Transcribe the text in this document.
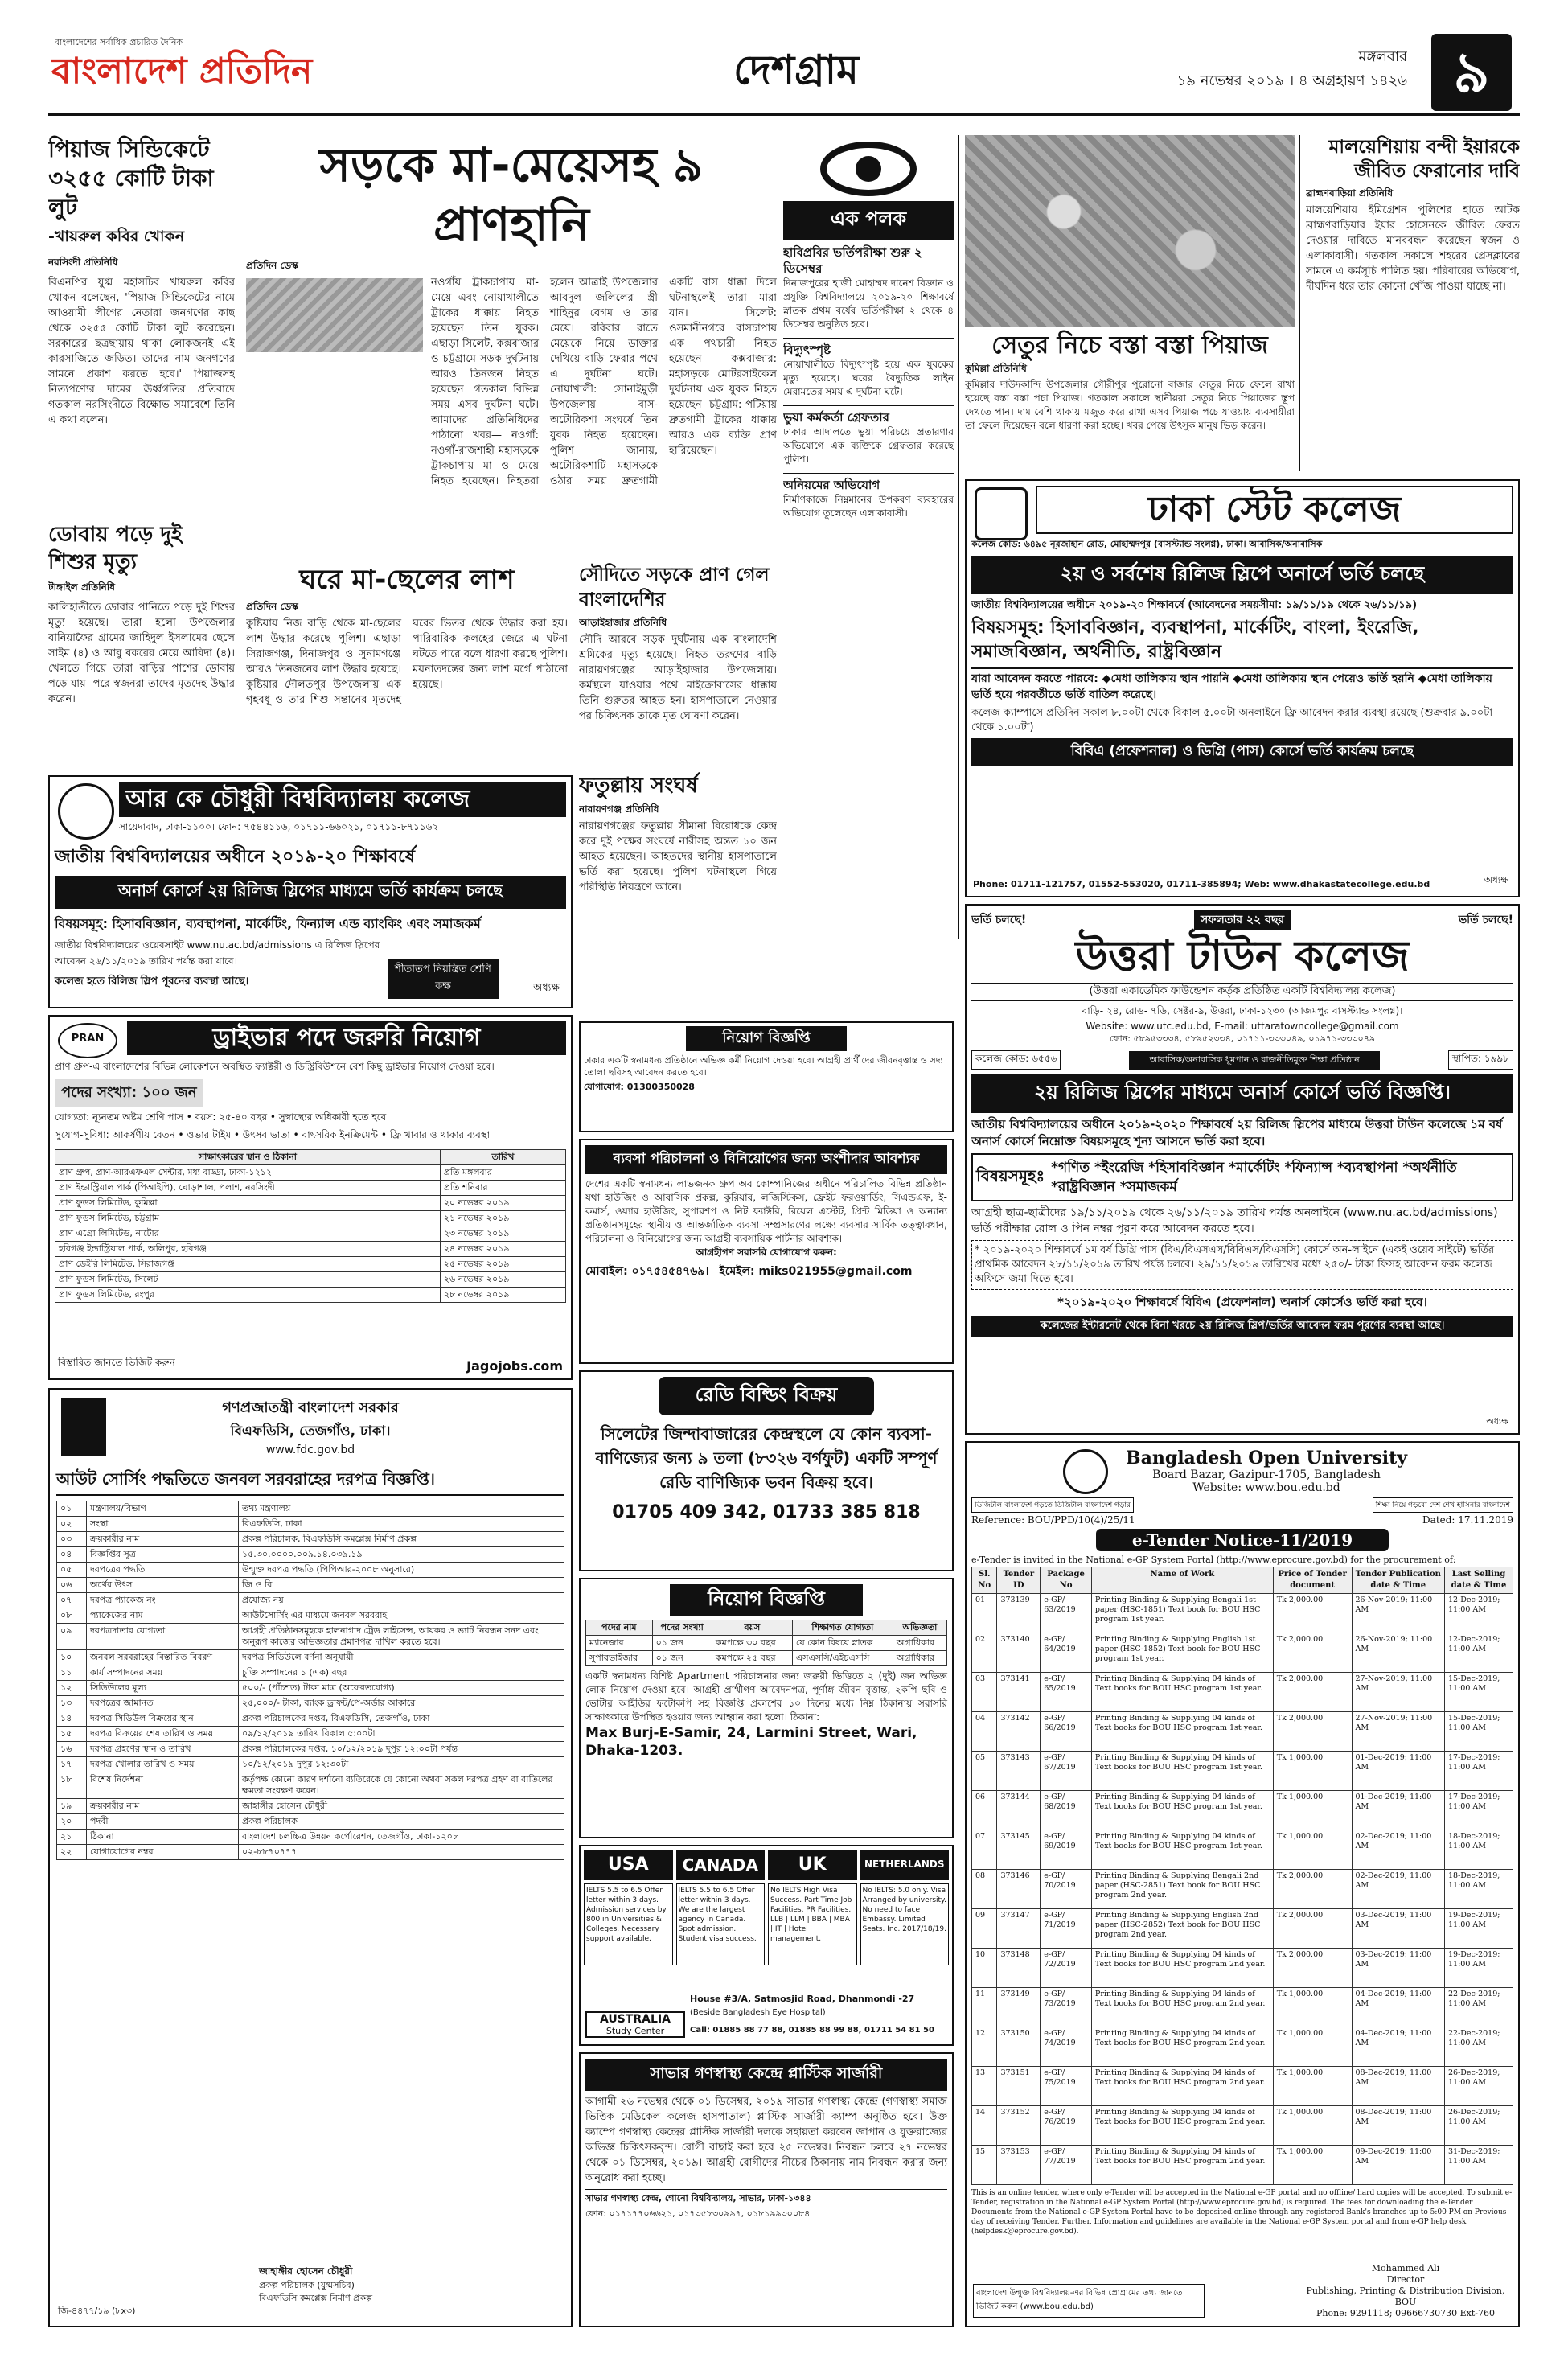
বাংলাদেশের সর্বাধিক প্রচারিত দৈনিক
বাংলাদেশ প্রতিদিন	দেশগ্রাম	মঙ্গলবার
১৯ নভেম্বর ২০১৯ । ৪ অগ্রহায়ণ ১৪২৬ ৯
পিয়াজ সিন্ডিকেটে ৩২৫৫ কোটি টাকা লুট
-খায়রুল কবির খোকন
নরসিংদী প্রতিনিধি
বিএনপির যুগ্ম মহাসচিব খায়রুল কবির খোকন বলেছেন, 'পিয়াজ সিন্ডিকেটের নামে আওয়ামী লীগের নেতারা জনগণের কাছ থেকে ৩২৫৫ কোটি টাকা লুট করেছেন। সরকারের ছত্রছায়ায় থাকা লোকজনই এই কারসাজিতে জড়িত। তাদের নাম জনগণের সামনে প্রকাশ করতে হবে।' পিয়াজসহ নিত্যপণ্যের দামের ঊর্ধ্বগতির প্রতিবাদে গতকাল নরসিংদীতে বিক্ষোভ সমাবেশে তিনি এ কথা বলেন।
ডোবায় পড়ে দুই শিশুর মৃত্যু
টাঙ্গাইল প্রতিনিধি
কালিহাতীতে ডোবার পানিতে পড়ে দুই শিশুর মৃত্যু হয়েছে। তারা হলো উপজেলার বানিয়াফৈর গ্রামের জাহিদুল ইসলামের ছেলে সাইম (৪) ও আবু বকরের মেয়ে আবিদা (৪)। খেলতে গিয়ে তারা বাড়ির পাশের ডোবায় পড়ে যায়। পরে স্বজনরা তাদের মৃতদেহ উদ্ধার করেন।
সড়কে মা-মেয়েসহ ৯ প্রাণহানি
প্রতিদিন ডেস্ক
নওগাঁয় ট্রাকচাপায় মা-মেয়ে এবং নোয়াখালীতে ট্রাকের ধাক্কায় নিহত হয়েছেন তিন যুবক। এছাড়া সিলেট, কক্সবাজার ও চট্টগ্রামে সড়ক দুর্ঘটনায় আরও তিনজন নিহত হয়েছেন। গতকাল বিভিন্ন সময় এসব দুর্ঘটনা ঘটে। আমাদের প্রতিনিধিদের পাঠানো খবর— নওগাঁ: নওগাঁ-রাজশাহী মহাসড়কে ট্রাকচাপায় মা ও মেয়ে নিহত হয়েছেন। নিহতরা হলেন আত্রাই উপজেলার আবদুল জলিলের স্ত্রী শাহিনুর বেগম ও তার মেয়ে। রবিবার রাতে মেয়েকে নিয়ে ডাক্তার দেখিয়ে বাড়ি ফেরার পথে এ দুর্ঘটনা ঘটে। নোয়াখালী: সোনাইমুড়ী উপজেলায় বাস-অটোরিকশা সংঘর্ষে তিন যুবক নিহত হয়েছেন। পুলিশ জানায়, অটোরিকশাটি মহাসড়কে ওঠার সময় দ্রুতগামী একটি বাস ধাক্কা দিলে ঘটনাস্থলেই তারা মারা যান। সিলেট: ওসমানীনগরে বাসচাপায় এক পথচারী নিহত হয়েছেন। কক্সবাজার: মহাসড়কে মোটরসাইকেল দুর্ঘটনায় এক যুবক নিহত হয়েছেন। চট্টগ্রাম: পটিয়ায় দ্রুতগামী ট্রাকের ধাক্কায় আরও এক ব্যক্তি প্রাণ হারিয়েছেন।
ঘরে মা-ছেলের লাশ
প্রতিদিন ডেস্ক
কুষ্টিয়ায় নিজ বাড়ি থেকে মা-ছেলের লাশ উদ্ধার করেছে পুলিশ। এছাড়া সিরাজগঞ্জ, দিনাজপুর ও সুনামগঞ্জে আরও তিনজনের লাশ উদ্ধার হয়েছে। কুষ্টিয়ার দৌলতপুর উপজেলায় এক গৃহবধূ ও তার শিশু সন্তানের মৃতদেহ ঘরের ভিতর থেকে উদ্ধার করা হয়। পারিবারিক কলহের জেরে এ ঘটনা ঘটতে পারে বলে ধারণা করছে পুলিশ। ময়নাতদন্তের জন্য লাশ মর্গে পাঠানো হয়েছে।
সৌদিতে সড়কে প্রাণ গেল বাংলাদেশির
আড়াইহাজার প্রতিনিধি
সৌদি আরবে সড়ক দুর্ঘটনায় এক বাংলাদেশি শ্রমিকের মৃত্যু হয়েছে। নিহত তরুণের বাড়ি নারায়ণগঞ্জের আড়াইহাজার উপজেলায়। কর্মস্থলে যাওয়ার পথে মাইক্রোবাসের ধাক্কায় তিনি গুরুতর আহত হন। হাসপাতালে নেওয়ার পর চিকিৎসক তাকে মৃত ঘোষণা করেন।
ফতুল্লায় সংঘর্ষ
নারায়ণগঞ্জ প্রতিনিধি
নারায়ণগঞ্জের ফতুল্লায় সীমানা বিরোধকে কেন্দ্র করে দুই পক্ষের সংঘর্ষে নারীসহ অন্তত ১০ জন আহত হয়েছেন। আহতদের স্থানীয় হাসপাতালে ভর্তি করা হয়েছে। পুলিশ ঘটনাস্থলে গিয়ে পরিস্থিতি নিয়ন্ত্রণে আনে।
এক পলক
হাবিপ্রবির ভর্তিপরীক্ষা শুরু ২ ডিসেম্বর
দিনাজপুরের হাজী মোহাম্মদ দানেশ বিজ্ঞান ও প্রযুক্তি বিশ্ববিদ্যালয়ে ২০১৯-২০ শিক্ষাবর্ষে স্নাতক প্রথম বর্ষের ভর্তিপরীক্ষা ২ থেকে ৪ ডিসেম্বর অনুষ্ঠিত হবে।
বিদ্যুৎস্পৃষ্ট
নোয়াখালীতে বিদ্যুৎস্পৃষ্ট হয়ে এক যুবকের মৃত্যু হয়েছে। ঘরের বৈদ্যুতিক লাইন মেরামতের সময় এ দুর্ঘটনা ঘটে।
ভুয়া কর্মকর্তা গ্রেফতার
ঢাকার আদালতে ভুয়া পরিচয়ে প্রতারণার অভিযোগে এক ব্যক্তিকে গ্রেফতার করেছে পুলিশ।
অনিয়মের অভিযোগ
নির্মাণকাজে নিম্নমানের উপকরণ ব্যবহারের অভিযোগ তুলেছেন এলাকাবাসী।
সেতুর নিচে বস্তা বস্তা পিয়াজ
কুমিল্লা প্রতিনিধি
কুমিল্লার দাউদকান্দি উপজেলার গৌরীপুর পুরোনো বাজার সেতুর নিচে ফেলে রাখা হয়েছে বস্তা বস্তা পচা পিয়াজ। গতকাল সকালে স্থানীয়রা সেতুর নিচে পিয়াজের স্তূপ দেখতে পান। দাম বেশি থাকায় মজুত করে রাখা এসব পিয়াজ পচে যাওয়ায় ব্যবসায়ীরা তা ফেলে দিয়েছেন বলে ধারণা করা হচ্ছে। খবর পেয়ে উৎসুক মানুষ ভিড় করেন।
মালয়েশিয়ায় বন্দী ইয়ারকে জীবিত ফেরানোর দাবি
ব্রাহ্মণবাড়িয়া প্রতিনিধি
মালয়েশিয়ায় ইমিগ্রেশন পুলিশের হাতে আটক ব্রাহ্মণবাড়িয়ার ইয়ার হোসেনকে জীবিত ফেরত দেওয়ার দাবিতে মানববন্ধন করেছেন স্বজন ও এলাকাবাসী। গতকাল সকালে শহরের প্রেসক্লাবের সামনে এ কর্মসূচি পালিত হয়। পরিবারের অভিযোগ, দীর্ঘদিন ধরে তার কোনো খোঁজ পাওয়া যাচ্ছে না।
আর কে চৌধুরী বিশ্ববিদ্যালয় কলেজ
সায়েদাবাদ, ঢাকা-১১০০। ফোন: ৭৫৪৪১১৬, ০১৭১১-৬৬০২১, ০১৭১১-৮৭১১৬২
জাতীয় বিশ্ববিদ্যালয়ের অধীনে ২০১৯-২০ শিক্ষাবর্ষে
অনার্স কোর্সে ২য় রিলিজ স্লিপের মাধ্যমে ভর্তি কার্যক্রম চলছে
বিষয়সমূহ: হিসাববিজ্ঞান, ব্যবস্থাপনা, মার্কেটিং, ফিন্যান্স এন্ড ব্যাংকিং এবং সমাজকর্ম
জাতীয় বিশ্ববিদ্যালয়ের ওয়েবসাইট www.nu.ac.bd/admissions এ রিলিজ স্লিপের আবেদন ২৬/১১/২০১৯ তারিখ পর্যন্ত করা যাবে।
কলেজ হতে রিলিজ স্লিপ পূরনের ব্যবস্থা আছে।
শীতাতপ নিয়ন্ত্রিত শ্রেণি কক্ষ	অধ্যক্ষ
PRAN	ড্রাইভার পদে জরুরি নিয়োগ
প্রাণ গ্রুপ-এ বাংলাদেশের বিভিন্ন লোকেশনে অবস্থিত ফ্যাক্টরী ও ডিস্ট্রিবিউশনে বেশ কিছু ড্রাইভার নিয়োগ দেওয়া হবে।
পদের সংখ্যা: ১০০ জন
যোগ্যতা: ন্যূনতম অষ্টম শ্রেণি পাস • বয়স: ২৫-৪০ বছর • সুস্বাস্থ্যের অধিকারী হতে হবে
সুযোগ-সুবিধা: আকর্ষণীয় বেতন • ওভার টাইম • উৎসব ভাতা • বাৎসরিক ইনক্রিমেন্ট • ফ্রি খাবার ও থাকার ব্যবস্থা
সাক্ষাৎকারের স্থান ও ঠিকানা	তারিখ
প্রাণ গ্রুপ, প্রাণ-আরএফএল সেন্টার, মধ্য বাড্ডা, ঢাকা-১২১২	প্রতি মঙ্গলবার
প্রাণ ইন্ডাস্ট্রিয়াল পার্ক (পিআইপি), ঘোড়াশাল, পলাশ, নরসিংদী	প্রতি শনিবার
প্রাণ ফুডস লিমিটেড, কুমিল্লা	২০ নভেম্বর ২০১৯
প্রাণ ফুডস লিমিটেড, চট্টগ্রাম	২১ নভেম্বর ২০১৯
প্রাণ এগ্রো লিমিটেড, নাটোর	২৩ নভেম্বর ২০১৯
হবিগঞ্জ ইন্ডাস্ট্রিয়াল পার্ক, অলিপুর, হবিগঞ্জ	২৪ নভেম্বর ২০১৯
প্রাণ ডেইরি লিমিটেড, সিরাজগঞ্জ	২৫ নভেম্বর ২০১৯
প্রাণ ফুডস লিমিটেড, সিলেট	২৬ নভেম্বর ২০১৯
প্রাণ ফুডস লিমিটেড, রংপুর	২৮ নভেম্বর ২০১৯
বিস্তারিত জানতে ভিজিট করুন	Jagojobs.com
গণপ্রজাতন্ত্রী বাংলাদেশ সরকার
বিএফডিসি, তেজগাঁও, ঢাকা।
www.fdc.gov.bd
আউট সোর্সিং পদ্ধতিতে জনবল সরবরাহের দরপত্র বিজ্ঞপ্তি।
০১	মন্ত্রণালয়/বিভাগ	তথ্য মন্ত্রণালয়
০২	সংস্থা	বিএফডিসি, ঢাকা
০৩	ক্রয়কারীর নাম	প্রকল্প পরিচালক, বিএফডিসি কমপ্লেক্স নির্মাণ প্রকল্প
০৪	বিজ্ঞপ্তির সূত্র	১৫.৩০.০০০০.০০৯.১৪.০৩৯.১৯
০৫	দরপত্রের পদ্ধতি	উন্মুক্ত দরপত্র পদ্ধতি (পিপিআর-২০০৮ অনুসারে)
০৬	অর্থের উৎস	জি ও বি
০৭	দরপত্র প্যাকেজ নং	প্রযোজ্য নয়
০৮	প্যাকেজের নাম	আউটসোর্সিং এর মাধ্যমে জনবল সরবরাহ
০৯	দরপত্রদাতার যোগ্যতা	আগ্রহী প্রতিষ্ঠানসমূহকে হালনাগাদ ট্রেড লাইসেন্স, আয়কর ও ভ্যাট নিবন্ধন সনদ এবং অনুরূপ কাজের অভিজ্ঞতার প্রমাণপত্র দাখিল করতে হবে।
১০	জনবল সরবরাহের বিস্তারিত বিবরণ	দরপত্র সিডিউলে বর্ণনা অনুযায়ী
১১	কার্য সম্পাদনের সময়	চুক্তি সম্পাদনের ১ (এক) বছর
১২	সিডিউলের মূল্য	৫০০/- (পাঁচশত) টাকা মাত্র (অফেরতযোগ্য)
১৩	দরপত্রের জামানত	২৫,০০০/- টাকা, ব্যাংক ড্রাফট/পে-অর্ডার আকারে
১৪	দরপত্র সিডিউল বিক্রয়ের স্থান	প্রকল্প পরিচালকের দপ্তর, বিএফডিসি, তেজগাঁও, ঢাকা
১৫	দরপত্র বিক্রয়ের শেষ তারিখ ও সময়	০৯/১২/২০১৯ তারিখ বিকাল ৫:০০টা
১৬	দরপত্র গ্রহণের স্থান ও তারিখ	প্রকল্প পরিচালকের দপ্তর, ১০/১২/২০১৯ দুপুর ১২:০০টা পর্যন্ত
১৭	দরপত্র খোলার তারিখ ও সময়	১০/১২/২০১৯ দুপুর ১২:৩০টা
১৮	বিশেষ নির্দেশনা	কর্তৃপক্ষ কোনো কারণ দর্শানো ব্যতিরেকে যে কোনো অথবা সকল দরপত্র গ্রহণ বা বাতিলের ক্ষমতা সংরক্ষণ করেন।
১৯	ক্রয়কারীর নাম	জাহাঙ্গীর হোসেন চৌধুরী
২০	পদবী	প্রকল্প পরিচালক
২১	ঠিকানা	বাংলাদেশ চলচ্চিত্র উন্নয়ন কর্পোরেশন, তেজগাঁও, ঢাকা-১২০৮
২২	যোগাযোগের নম্বর	০২-৮৮৭০৭৭৭
জাহাঙ্গীর হোসেন চৌধুরী
প্রকল্প পরিচালক (যুগ্মসচিব)
বিএফডিসি কমপ্লেক্স নির্মাণ প্রকল্প
জি-৪৪৭৭/১৯ (৮x৩)
নিয়োগ বিজ্ঞপ্তি
ঢাকার একটি স্বনামধন্য প্রতিষ্ঠানে অভিজ্ঞ কর্মী নিয়োগ দেওয়া হবে। আগ্রহী প্রার্থীদের জীবনবৃত্তান্ত ও সদ্য তোলা ছবিসহ আবেদন করতে হবে।
যোগাযোগ: 01300350028
ব্যবসা পরিচালনা ও বিনিয়োগের জন্য অংশীদার আবশ্যক
দেশের একটি স্বনামধন্য লাভজনক গ্রুপ অব কোম্পানিজের অধীনে পরিচালিত বিভিন্ন প্রতিষ্ঠান যথা হাউজিং ও আবাসিক প্রকল্প, কুরিয়ার, লজিস্টিকস, ফ্রেইট ফরওয়ার্ডিং, সিএন্ডএফ, ই-কমার্স, ওয়্যার হাউজিং, সুপারশপ ও নিট ফ্যাক্টরি, রিয়েল এস্টেট, প্রিন্ট মিডিয়া ও অন্যান্য প্রতিষ্ঠানসমূহের স্থানীয় ও আন্তর্জাতিক ব্যবসা সম্প্রসারণের লক্ষ্যে ব্যবসার সার্বিক তত্ত্বাবধান, পরিচালনা ও বিনিয়োগের জন্য আগ্রহী ব্যবসায়িক পার্টনার আবশ্যক।
আগ্রহীগণ সরাসরি যোগাযোগ করুন:
মোবাইল: ০১৭৫৪৫৪৭৬৯। ইমেইল: miks021955@gmail.com
রেডি বিল্ডিং বিক্রয়
সিলেটের জিন্দাবাজারের কেন্দ্রস্থলে যে কোন ব্যবসা-বাণিজ্যের জন্য ৯ তলা (৮৩২৬ বর্গফুট) একটি সম্পূর্ণ রেডি বাণিজ্যিক ভবন বিক্রয় হবে।
01705 409 342, 01733 385 818
নিয়োগ বিজ্ঞপ্তি
পদের নাম	পদের সংখ্যা	বয়স	শিক্ষাগত যোগ্যতা	অভিজ্ঞতা
ম্যানেজার	০১ জন	কমপক্ষে ৩০ বছর	যে কোন বিষয়ে স্নাতক	অগ্রাধিকার
সুপারভাইজার	০১ জন	কমপক্ষে ২৫ বছর	এসএসসি/এইচএসসি	অগ্রাধিকার
একটি স্বনামধন্য বিশিষ্ট Apartment পরিচালনার জন্য জরুরী ভিত্তিতে ২ (দুই) জন অভিজ্ঞ লোক নিয়োগ দেওয়া হবে। আগ্রহী প্রার্থীগণ আবেদনপত্র, পূর্ণাঙ্গ জীবন বৃত্তান্ত, ২কপি ছবি ও ভোটার আইডির ফটোকপি সহ বিজ্ঞপ্তি প্রকাশের ১০ দিনের মধ্যে নিম্ন ঠিকানায় সরাসরি সাক্ষাৎকারে উপস্থিত হওয়ার জন্য আহ্বান করা হলো। ঠিকানা:
Max Burj-E-Samir, 24, Larmini Street, Wari, Dhaka-1203.
USA	CANADA	UK	NETHERLANDS
IELTS 5.5 to 6.5 Offer letter within 3 days. Admission services by 800 in Universities & Colleges. Necessary support available.
IELTS 5.5 to 6.5 Offer letter within 3 days. We are the largest agency in Canada. Spot admission. Student visa success.
No IELTS High Visa Success. Part Time Job Facilities. PR Facilities. LLB | LLM | BBA | MBA | IT | Hotel management.
No IELTS: 5.0 only. Visa Arranged by university. No need to face Embassy. Limited Seats. Inc. 2017/18/19.
AUSTRALIA
Study Center
House #3/A, Satmosjid Road, Dhanmondi -27
(Beside Bangladesh Eye Hospital)
Call: 01885 88 77 88, 01885 88 99 88, 01711 54 81 50
সাভার গণস্বাস্থ্য কেন্দ্রে প্লাস্টিক সার্জারী
আগামী ২৬ নভেম্বর থেকে ০১ ডিসেম্বর, ২০১৯ সাভার গণস্বাস্থ্য কেন্দ্রে (গণস্বাস্থ্য সমাজ ভিত্তিক মেডিকেল কলেজ হাসপাতাল) প্লাস্টিক সার্জারী ক্যাম্প অনুষ্ঠিত হবে। উক্ত ক্যাম্পে গণস্বাস্থ্য কেন্দ্রের প্লাস্টিক সার্জারী দলকে সহায়তা করবেন জাপান ও যুক্তরাজ্যের অভিজ্ঞ চিকিৎসকবৃন্দ। রোগী বাছাই করা হবে ২৫ নভেম্বর। নিবন্ধন চলবে ২৭ নভেম্বর থেকে ০১ ডিসেম্বর, ২০১৯। আগ্রহী রোগীদের নীচের ঠিকানায় নাম নিবন্ধন করার জন্য অনুরোধ করা হচ্ছে।
সাভার গণস্বাস্থ্য কেন্দ্র, গোনো বিশ্ববিদ্যালয়, সাভার, ঢাকা-১৩৪৪
ফোন: ০১৭১৭৭০৬৬২১, ০১৭৩৫৮৩০৯৯৭, ০১৮১৯৯৩০০৮৪
ঢাকা স্টেট কলেজ
কলেজ কোড: ৬৪৯৫ নূরজাহান রোড, মোহাম্মদপুর (বাসস্ট্যান্ড সংলগ্ন), ঢাকা। আবাসিক/অনাবাসিক
২য় ও সর্বশেষ রিলিজ স্লিপে অনার্সে ভর্তি চলছে
জাতীয় বিশ্ববিদ্যালয়ের অধীনে ২০১৯-২০ শিক্ষাবর্ষে (আবেদনের সময়সীমা: ১৯/১১/১৯ থেকে ২৬/১১/১৯)
বিষয়সমূহ: হিসাববিজ্ঞান, ব্যবস্থাপনা, মার্কেটিং, বাংলা, ইংরেজি, সমাজবিজ্ঞান, অর্থনীতি, রাষ্ট্রবিজ্ঞান
যারা আবেদন করতে পারবে: ◆মেধা তালিকায় স্থান পায়নি ◆মেধা তালিকায় স্থান পেয়েও ভর্তি হয়নি ◆মেধা তালিকায় ভর্তি হয়ে পরবর্তীতে ভর্তি বাতিল করেছে।
কলেজ ক্যাম্পাসে প্রতিদিন সকাল ৮.০০টা থেকে বিকাল ৫.০০টা অনলাইনে ফ্রি আবেদন করার ব্যবস্থা রয়েছে (শুক্রবার ৯.০০টা থেকে ১.০০টা)।
বিবিএ (প্রফেশনাল) ও ডিগ্রি (পাস) কোর্সে ভর্তি কার্যক্রম চলছে
Phone: 01711-121757, 01552-553020, 01711-385894; Web: www.dhakastatecollege.edu.bd	অধ্যক্ষ
ভর্তি চলছে!	সফলতার ২২ বছর	ভর্তি চলছে!
উত্তরা টাউন কলেজ
(উত্তরা একাডেমিক ফাউন্ডেশন কর্তৃক প্রতিষ্ঠিত একটি বিশ্ববিদ্যালয় কলেজ)
বাড়ি- ২৪, রোড- ৭ডি, সেক্টর-৯, উত্তরা, ঢাকা-১২৩০ (আজমপুর বাসস্ট্যান্ড সংলগ্ন)।
Website: www.utc.edu.bd, E-mail: uttaratowncollege@gmail.com
ফোন: ৫৮৯৫৩৩৩৪, ৫৮৯৫২৩৩৪, ০১৭১১-৩৩৩০৪৯, ০১৯৭১-৩৩৩০৪৯
কলেজ কোড: ৬৫৫৬	আবাসিক/অনাবাসিক ধূমপান ও রাজনীতিমুক্ত শিক্ষা প্রতিষ্ঠান	স্থাপিত: ১৯৯৮
২য় রিলিজ স্লিপের মাধ্যমে অনার্স কোর্সে ভর্তি বিজ্ঞপ্তি।
জাতীয় বিশ্ববিদ্যালয়ের অধীনে ২০১৯-২০২০ শিক্ষাবর্ষে ২য় রিলিজ স্লিপের মাধ্যমে উত্তরা টাউন কলেজে ১ম বর্ষ অনার্স কোর্সে নিম্নোক্ত বিষয়সমূহে শূন্য আসনে ভর্তি করা হবে।
বিষয়সমূহঃ *গণিত *ইংরেজি *হিসাববিজ্ঞান *মার্কেটিং *ফিন্যান্স *ব্যবস্থাপনা *অর্থনীতি *রাষ্ট্রবিজ্ঞান *সমাজকর্ম
আগ্রহী ছাত্র-ছাত্রীদের ১৯/১১/২০১৯ থেকে ২৬/১১/২০১৯ তারিখ পর্যন্ত অনলাইনে (www.nu.ac.bd/admissions) ভর্তি পরীক্ষার রোল ও পিন নম্বর পূরণ করে আবেদন করতে হবে।
* ২০১৯-২০২০ শিক্ষাবর্ষে ১ম বর্ষ ডিগ্রি পাস (বিএ/বিএসএস/বিবিএস/বিএসসি) কোর্সে অন-লাইনে (একই ওয়েব সাইটে) ভর্তির প্রাথমিক আবেদন ২৮/১১/২০১৯ তারিখ পর্যন্ত চলবে। ২৯/১১/২০১৯ তারিখের মধ্যে ২৫০/- টাকা ফিসহ আবেদন ফরম কলেজ অফিসে জমা দিতে হবে।
*২০১৯-২০২০ শিক্ষাবর্ষে বিবিএ (প্রফেশনাল) অনার্স কোর্সেও ভর্তি করা হবে।
কলেজের ইন্টারনেট থেকে বিনা খরচে ২য় রিলিজ স্লিপ/ভর্তির আবেদন ফরম পূরণের ব্যবস্থা আছে।
অধ্যক্ষ
Bangladesh Open University
Board Bazar, Gazipur-1705, Bangladesh
Website: www.bou.edu.bd
ডিজিটাল বাংলাদেশ গড়তে ডিজিটাল বাংলাদেশ গড়ার	শিক্ষা নিয়ে গড়বো দেশ শেখ হাসিনার বাংলাদেশ
Reference: BOU/PPD/10(4)/25/11	Dated: 17.11.2019
e-Tender Notice-11/2019
e-Tender is invited in the National e-GP System Portal (http://www.eprocure.gov.bd) for the procurement of:
Sl. No	Tender ID	Package No	Name of Work	Price of Tender document	Tender Publication date & Time	Last Selling date & Time
01	373139	e-GP/ 63/2019	Printing Binding & Supplying Bengali 1st paper (HSC-1851) Text book for BOU HSC program 1st year.	Tk 2,000.00	26-Nov-2019; 11:00 AM	12-Dec-2019; 11:00 AM
02	373140	e-GP/ 64/2019	Printing Binding & Supplying English 1st paper (HSC-1852) Text book for BOU HSC program 1st year.	Tk 2,000.00	26-Nov-2019; 11:00 AM	12-Dec-2019; 11:00 AM
03	373141	e-GP/ 65/2019	Printing Binding & Supplying 04 kinds of Text books for BOU HSC program 1st year.	Tk 2,000.00	27-Nov-2019; 11:00 AM	15-Dec-2019; 11:00 AM
04	373142	e-GP/ 66/2019	Printing Binding & Supplying 04 kinds of Text books for BOU HSC program 1st year.	Tk 2,000.00	27-Nov-2019; 11:00 AM	15-Dec-2019; 11:00 AM
05	373143	e-GP/ 67/2019	Printing Binding & Supplying 04 kinds of Text books for BOU HSC program 1st year.	Tk 1,000.00	01-Dec-2019; 11:00 AM	17-Dec-2019; 11:00 AM
06	373144	e-GP/ 68/2019	Printing Binding & Supplying 04 kinds of Text books for BOU HSC program 1st year.	Tk 1,000.00	01-Dec-2019; 11:00 AM	17-Dec-2019; 11:00 AM
07	373145	e-GP/ 69/2019	Printing Binding & Supplying 04 kinds of Text books for BOU HSC program 1st year.	Tk 1,000.00	02-Dec-2019; 11:00 AM	18-Dec-2019; 11:00 AM
08	373146	e-GP/ 70/2019	Printing Binding & Supplying Bengali 2nd paper (HSC-2851) Text book for BOU HSC program 2nd year.	Tk 2,000.00	02-Dec-2019; 11:00 AM	18-Dec-2019; 11:00 AM
09	373147	e-GP/ 71/2019	Printing Binding & Supplying English 2nd paper (HSC-2852) Text book for BOU HSC program 2nd year.	Tk 2,000.00	03-Dec-2019; 11:00 AM	19-Dec-2019; 11:00 AM
10	373148	e-GP/ 72/2019	Printing Binding & Supplying 04 kinds of Text books for BOU HSC program 2nd year.	Tk 2,000.00	03-Dec-2019; 11:00 AM	19-Dec-2019; 11:00 AM
11	373149	e-GP/ 73/2019	Printing Binding & Supplying 04 kinds of Text books for BOU HSC program 2nd year.	Tk 1,000.00	04-Dec-2019; 11:00 AM	22-Dec-2019; 11:00 AM
12	373150	e-GP/ 74/2019	Printing Binding & Supplying 04 kinds of Text books for BOU HSC program 2nd year.	Tk 1,000.00	04-Dec-2019; 11:00 AM	22-Dec-2019; 11:00 AM
13	373151	e-GP/ 75/2019	Printing Binding & Supplying 04 kinds of Text books for BOU HSC program 2nd year.	Tk 1,000.00	08-Dec-2019; 11:00 AM	26-Dec-2019; 11:00 AM
14	373152	e-GP/ 76/2019	Printing Binding & Supplying 04 kinds of Text books for BOU HSC program 2nd year.	Tk 1,000.00	08-Dec-2019; 11:00 AM	26-Dec-2019; 11:00 AM
15	373153	e-GP/ 77/2019	Printing Binding & Supplying 04 kinds of Text books for BOU HSC program 2nd year.	Tk 1,000.00	09-Dec-2019; 11:00 AM	31-Dec-2019; 11:00 AM
This is an online tender, where only e-Tender will be accepted in the National e-GP portal and no offline/ hard copies will be accepted. To submit e-Tender, registration in the National e-GP System Portal (http://www.eprocure.gov.bd) is required. The fees for downloading the e-Tender Documents from the National e-GP System Portal have to be deposited online through any registered Bank's branches up to 5:00 PM on Previous day of receiving Tender. Further, Information and guidelines are available in the National e-GP System portal and from e-GP help desk (helpdesk@eprocure.gov.bd).
বাংলাদেশ উন্মুক্ত বিশ্ববিদ্যালয়-এর বিভিন্ন প্রোগ্রামের তথ্য জানতে ভিজিট করুন (www.bou.edu.bd)
Mohammed Ali
Director
Publishing, Printing & Distribution Division, BOU
Phone: 9291118; 09666730730 Ext-760
